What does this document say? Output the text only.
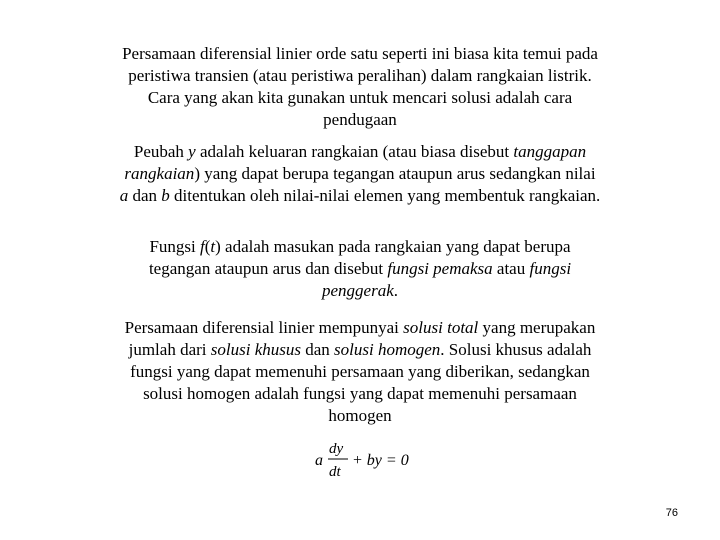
Persamaan diferensial linier orde satu seperti ini biasa kita temui pada
peristiwa transien (atau peristiwa peralihan) dalam rangkaian listrik.
Cara yang akan kita gunakan untuk mencari solusi adalah cara
pendugaan
Peubah y adalah keluaran rangkaian (atau biasa disebut tanggapan
rangkaian) yang dapat berupa tegangan ataupun arus sedangkan nilai
a dan b ditentukan oleh nilai-nilai elemen yang membentuk rangkaian.
Fungsi f(t) adalah masukan pada rangkaian yang dapat berupa
tegangan ataupun arus dan disebut fungsi pemaksa atau fungsi
penggerak.
Persamaan diferensial linier mempunyai solusi total yang merupakan
jumlah dari solusi khusus dan solusi homogen. Solusi khusus adalah
fungsi yang dapat memenuhi persamaan yang diberikan, sedangkan
solusi homogen adalah fungsi yang dapat memenuhi persamaan
homogen
a
dy
dt
+ by = 0
76
